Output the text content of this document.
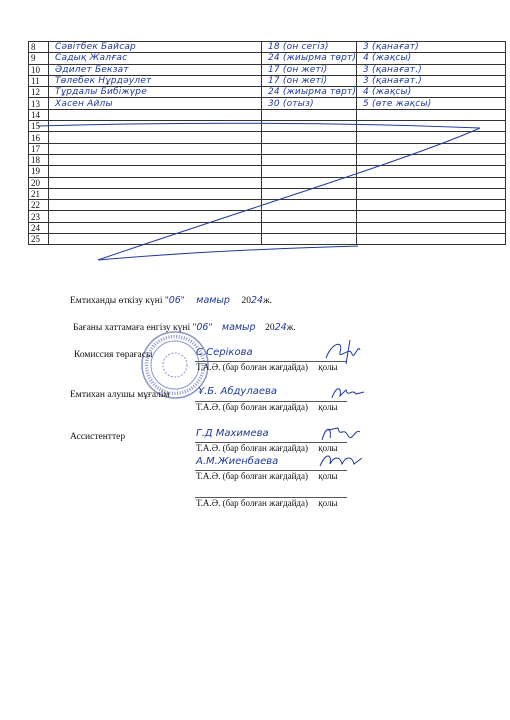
8	Сәвітбек Байсар	18 (он сегіз)	3 (қанағат)

9	Садық Жалғас	24 (жиырма төрт)	4 (жақсы)

10	Әдилет Бекзат	17 (он жеті)	3 (қанағат.)

11	Төлебек Нұрдәулет	17 (он жеті)	3 (қанағат.)

12	Тұрдалы Бибіжүре	24 (жиырма төрт)	4 (жақсы)

13	Хасен Айлы	30 (отыз)	5 (өте жақсы)

14	

15	

16	

17	

18	

19	

20	

21	

22	

23	

24	

25	

Емтиханды өткізу күні "06" мамыр 2024ж.
Бағаны хаттамаға енгізу күні "06" мамыр 2024ж.
Комиссия төрағасы	С.Серікова
Т.А.Ә. (бар болған жағдайда) қолы
Емтихан алушы мұғалім	Ұ.Б. Абдулаева
Т.А.Ә. (бар болған жағдайда) қолы
Ассистенттер	Г.Д Махимева
Т.А.Ә. (бар болған жағдайда) қолы
А.М.Жиенбаева
Т.А.Ә. (бар болған жағдайда) қолы
Т.А.Ә. (бар болған жағдайда) қолы
